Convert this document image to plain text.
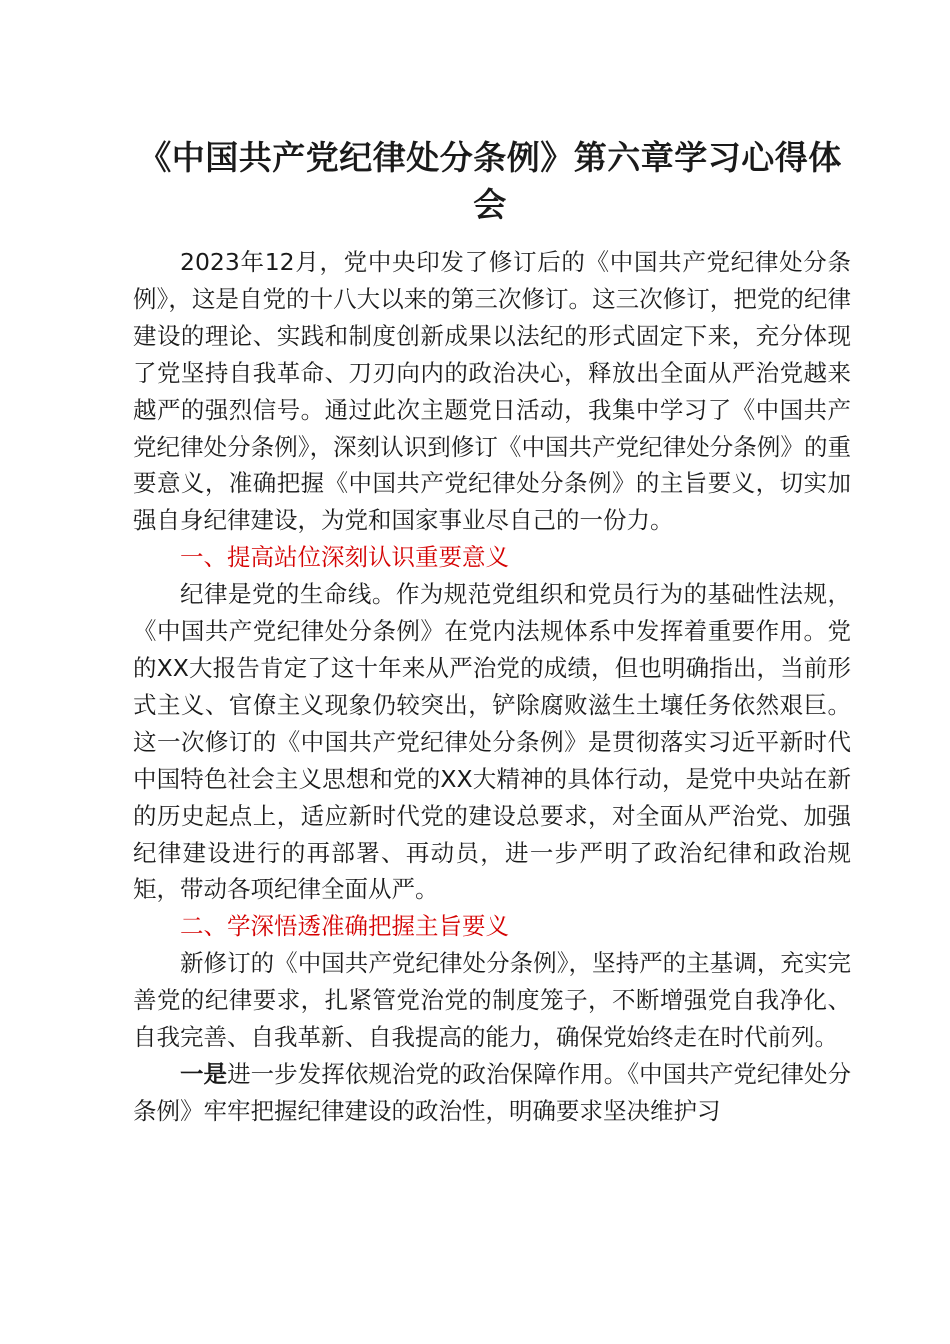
《中国共产党纪律处分条例》第六章学习心得体会

2023年12月，党中央印发了修订后的《中国共产党纪律处分条例》，这是自党的十八大以来的第三次修订。这三次修订，把党的纪律建设的理论、实践和制度创新成果以法纪的形式固定下来，充分体现了党坚持自我革命、刀刃向内的政治决心，释放出全面从严治党越来越严的强烈信号。通过此次主题党日活动，我集中学习了《中国共产党纪律处分条例》，深刻认识到修订《中国共产党纪律处分条例》的重要意义，准确把握《中国共产党纪律处分条例》的主旨要义，切实加强自身纪律建设，为党和国家事业尽自己的一份力。

一、提高站位深刻认识重要意义

纪律是党的生命线。作为规范党组织和党员行为的基础性法规，《中国共产党纪律处分条例》在党内法规体系中发挥着重要作用。党的XX大报告肯定了这十年来从严治党的成绩，但也明确指出，当前形式主义、官僚主义现象仍较突出，铲除腐败滋生土壤任务依然艰巨。这一次修订的《中国共产党纪律处分条例》是贯彻落实习近平新时代中国特色社会主义思想和党的XX大精神的具体行动，是党中央站在新的历史起点上，适应新时代党的建设总要求，对全面从严治党、加强纪律建设进行的再部署、再动员，进一步严明了政治纪律和政治规矩，带动各项纪律全面从严。

二、学深悟透准确把握主旨要义

新修订的《中国共产党纪律处分条例》，坚持严的主基调，充实完善党的纪律要求，扎紧管党治党的制度笼子，不断增强党自我净化、自我完善、自我革新、自我提高的能力，确保党始终走在时代前列。

一是进一步发挥依规治党的政治保障作用。《中国共产党纪律处分条例》牢牢把握纪律建设的政治性，明确要求坚决维护习
